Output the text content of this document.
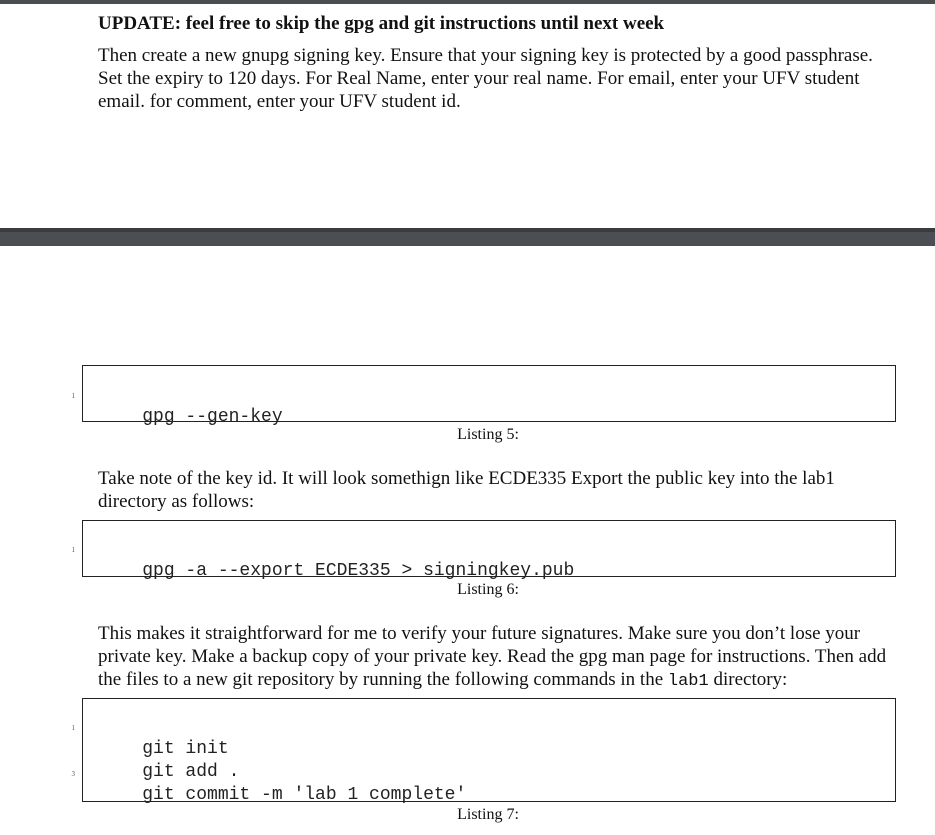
UPDATE: feel free to skip the gpg and git instructions until next week
Then create a new gnupg signing key. Ensure that your signing key is protected by a good passphrase. Set the expiry to 120 days. For Real Name, enter your real name. For email, enter your UFV student email. for comment, enter your UFV student id.

1
gpg --gen-key

Listing 5:
Take note of the key id. It will look somethign like ECDE335 Export the public key into the lab1 directory as follows:

1
gpg -a --export ECDE335 > signingkey.pub

Listing 6:
This makes it straightforward for me to verify your future signatures. Make sure you don’t lose your private key. Make a backup copy of your private key. Read the gpg man page for instructions. Then add the files to a new git repository by running the following commands in the lab1 directory:

1
git init

git add .

3
git commit -m 'lab 1 complete'

Listing 7:
